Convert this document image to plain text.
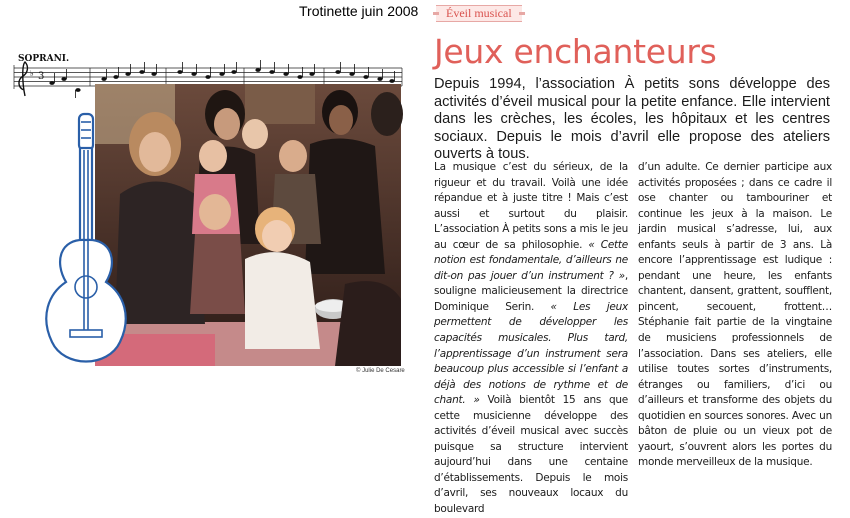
Trotinette juin 2008	Éveil musical
SOPRANI.
♭ 3
© Julie De Cesare
Jeux enchanteurs
Depuis 1994, l’association À petits sons développe des activités d’éveil musical pour la petite enfance. Elle intervient dans les crèches, les écoles, les hôpitaux et les centres sociaux. Depuis le mois d’avril elle propose des ateliers ouverts à tous.

La musique c’est du sérieux, de la rigueur et du travail. Voilà une idée répandue et à juste titre ! Mais c’est aussi et surtout du plaisir. L’association À petits sons a mis le jeu au cœur de sa philosophie. « Cette notion est fondamentale, d’ailleurs ne dit-on pas jouer d’un instrument ? », souligne malicieusement la directrice Dominique Serin. « Les jeux permettent de développer les capacités musicales. Plus tard, l’apprentissage d’un instrument sera beaucoup plus accessible si l’enfant a déjà des notions de rythme et de chant. » Voilà bientôt 15 ans que cette musicienne développe des activités d’éveil musical avec succès puisque sa structure intervient aujourd’hui dans une centaine d’établissements. Depuis le mois d’avril, ses nouveaux locaux du boulevard

d’un adulte. Ce dernier participe aux activités proposées ; dans ce cadre il ose chanter ou tambouriner et continue les jeux à la maison. Le jardin musical s’adresse, lui, aux enfants seuls à partir de 3 ans. Là encore l’apprentissage est ludique : pendant une heure, les enfants chantent, dansent, grattent, soufflent, pincent, secouent, frottent… Stéphanie fait partie de la vingtaine de musiciens professionnels de l’association. Dans ses ateliers, elle utilise toutes sortes d’instruments, étranges ou familiers, d’ici ou d’ailleurs et transforme des objets du quotidien en sources sonores. Avec un bâton de pluie ou un vieux pot de yaourt, s’ouvrent alors les portes du monde merveilleux de la musique.
